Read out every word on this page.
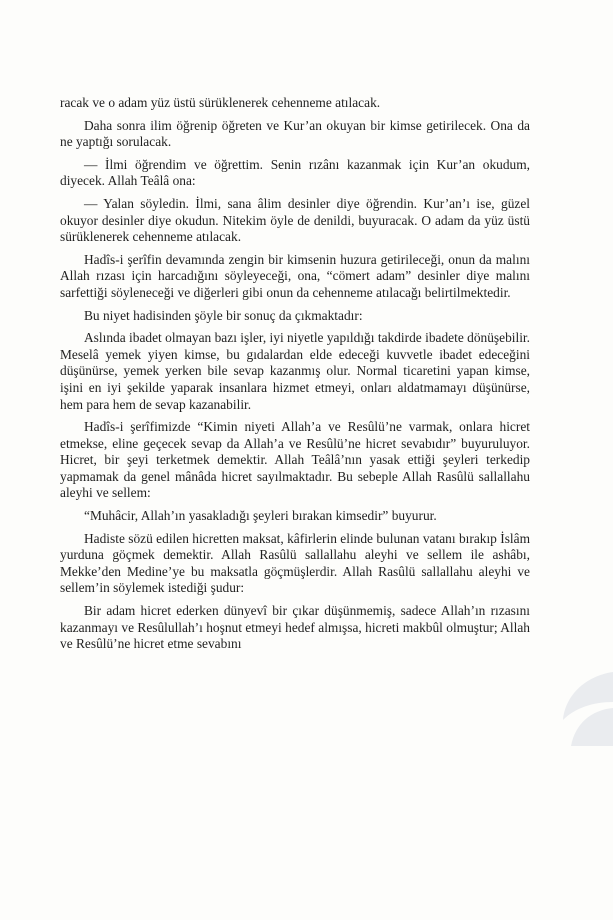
racak ve o adam yüz üstü sürüklenerek cehenneme atılacak.

Daha sonra ilim öğrenip öğreten ve Kur’an okuyan bir kimse getirilecek. Ona da ne yaptığı sorulacak.

— İlmi öğrendim ve öğrettim. Senin rızânı kazanmak için Kur’an okudum, diyecek. Allah Teâlâ ona:

— Yalan söyledin. İlmi, sana âlim desinler diye öğrendin. Kur’an’ı ise, güzel okuyor desinler diye okudun. Nitekim öyle de denildi, buyuracak. O adam da yüz üstü sürüklenerek cehenneme atılacak.

Hadîs-i şerîfin devamında zengin bir kimsenin huzura getirileceği, onun da malını Allah rızası için harcadığını söyleyeceği, ona, “cömert adam” desinler diye malını sarfettiği söyleneceği ve diğerleri gibi onun da cehenneme atılacağı belirtilmektedir.

Bu niyet hadisinden şöyle bir sonuç da çıkmaktadır:

Aslında ibadet olmayan bazı işler, iyi niyetle yapıldığı takdirde ibadete dönüşebilir. Meselâ yemek yiyen kimse, bu gıdalardan elde edeceği kuvvetle ibadet edeceğini düşünürse, yemek yerken bile sevap kazanmış olur. Normal ticaretini yapan kimse, işini en iyi şekilde yaparak insanlara hizmet etmeyi, onları aldatmamayı düşünürse, hem para hem de sevap kazanabilir.

Hadîs-i şerîfimizde “Kimin niyeti Allah’a ve Resûlü’ne varmak, onlara hicret etmekse, eline geçecek sevap da Allah’a ve Resûlü’ne hicret sevabıdır” buyuruluyor. Hicret, bir şeyi terketmek demektir. Allah Teâlâ’nın yasak ettiği şeyleri terkedip yapmamak da genel mânâda hicret sayılmaktadır. Bu sebeple Allah Rasûlü sallallahu aleyhi ve sellem:

“Muhâcir, Allah’ın yasakladığı şeyleri bırakan kimsedir” buyurur.

Hadiste sözü edilen hicretten maksat, kâfirlerin elinde bulunan vatanı bırakıp İslâm yurduna göçmek demektir. Allah Rasûlü sallallahu aleyhi ve sellem ile ashâbı, Mekke’den Medine’ye bu maksatla göçmüşlerdir. Allah Rasûlü sallallahu aleyhi ve sellem’in söylemek istediği şudur:

Bir adam hicret ederken dünyevî bir çıkar düşünmemiş, sadece Allah’ın rızasını kazanmayı ve Resûlullah’ı hoşnut etmeyi hedef almışsa, hicreti makbûl olmuştur; Allah ve Resûlü’ne hicret etme sevabını
